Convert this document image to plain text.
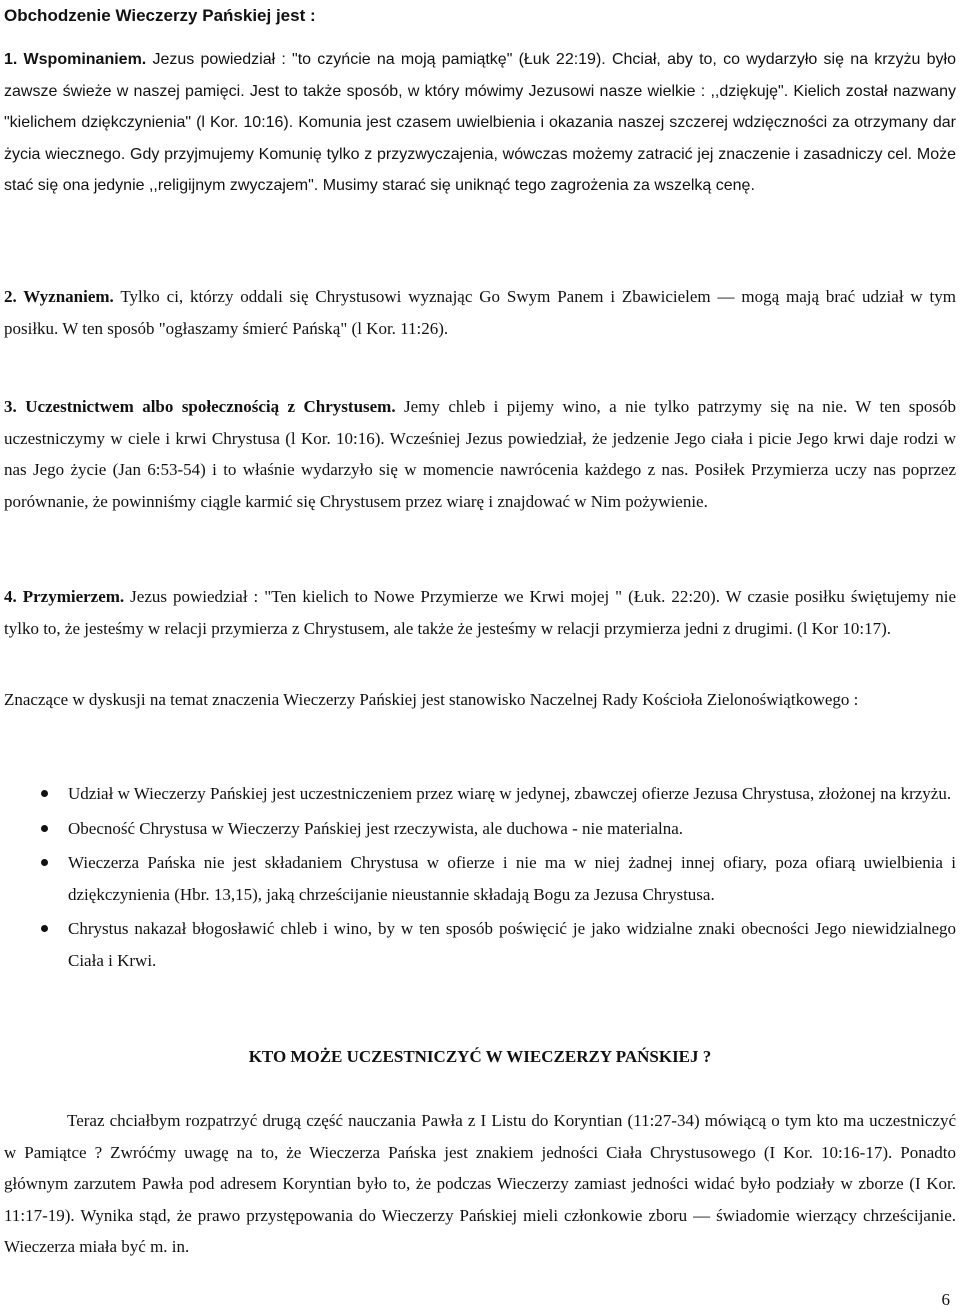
Obchodzenie Wieczerzy Pańskiej jest :
1. Wspominaniem. Jezus powiedział : "to czyńcie na moją pamiątkę" (Łuk 22:19). Chciał, aby to, co wydarzyło się na krzyżu było zawsze świeże w naszej pamięci. Jest to także sposób, w który mówimy Jezusowi nasze wielkie : ,,dziękuję". Kielich został nazwany "kielichem dziękczynienia" (l Kor. 10:16). Komunia jest czasem uwielbienia i okazania naszej szczerej wdzięczności za otrzymany dar życia wiecznego. Gdy przyjmujemy Komunię tylko z przyzwyczajenia, wówczas możemy zatracić jej znaczenie i zasadniczy cel. Może stać się ona jedynie ,,religijnym zwyczajem". Musimy starać się uniknąć tego zagrożenia za wszelką cenę.
2. Wyznaniem. Tylko ci, którzy oddali się Chrystusowi wyznając Go Swym Panem i Zbawicielem — mogą mają brać udział w tym posiłku. W ten sposób "ogłaszamy śmierć Pańską" (l Kor. 11:26).
3. Uczestnictwem albo społecznością z Chrystusem. Jemy chleb i pijemy wino, a nie tylko patrzymy się na nie. W ten sposób uczestniczymy w ciele i krwi Chrystusa (l Kor. 10:16). Wcześniej Jezus powiedział, że jedzenie Jego ciała i picie Jego krwi daje rodzi w nas Jego życie (Jan 6:53-54) i to właśnie wydarzyło się w momencie nawrócenia każdego z nas. Posiłek Przymierza uczy nas poprzez porównanie, że powinniśmy ciągle karmić się Chrystusem przez wiarę i znajdować w Nim pożywienie.
4. Przymierzem. Jezus powiedział : "Ten kielich to Nowe Przymierze we Krwi mojej " (Łuk. 22:20). W czasie posiłku świętujemy nie tylko to, że jesteśmy w relacji przymierza z Chrystusem, ale także że jesteśmy w relacji przymierza jedni z drugimi. (l Kor 10:17).
Znaczące w dyskusji na temat znaczenia Wieczerzy Pańskiej jest stanowisko Naczelnej Rady Kościoła Zielonoświątkowego :
Udział w Wieczerzy Pańskiej jest uczestniczeniem przez wiarę w jedynej, zbawczej ofierze Jezusa Chrystusa, złożonej na krzyżu.
Obecność Chrystusa w Wieczerzy Pańskiej jest rzeczywista, ale duchowa - nie materialna.
Wieczerza Pańska nie jest składaniem Chrystusa w ofierze i nie ma w niej żadnej innej ofiary, poza ofiarą uwielbienia i dziękczynienia (Hbr. 13,15), jaką chrześcijanie nieustannie składają Bogu za Jezusa Chrystusa.
Chrystus nakazał błogosławić chleb i wino, by w ten sposób poświęcić je jako widzialne znaki obecności Jego niewidzialnego Ciała i Krwi.
KTO MOŻE UCZESTNICZYĆ W WIECZERZY PAŃSKIEJ ?
Teraz chciałbym rozpatrzyć drugą część nauczania Pawła z I Listu do Koryntian (11:27-34) mówiącą o tym kto ma uczestniczyć w Pamiątce ? Zwróćmy uwagę na to, że Wieczerza Pańska jest znakiem jedności Ciała Chrystusowego (I Kor. 10:16-17). Ponadto głównym zarzutem Pawła pod adresem Koryntian było to, że podczas Wieczerzy zamiast jedności widać było podziały w zborze (I Kor. 11:17-19). Wynika stąd, że prawo przystępowania do Wieczerzy Pańskiej mieli członkowie zboru — świadomie wierzący chrześcijanie. Wieczerza miała być m. in.
6
